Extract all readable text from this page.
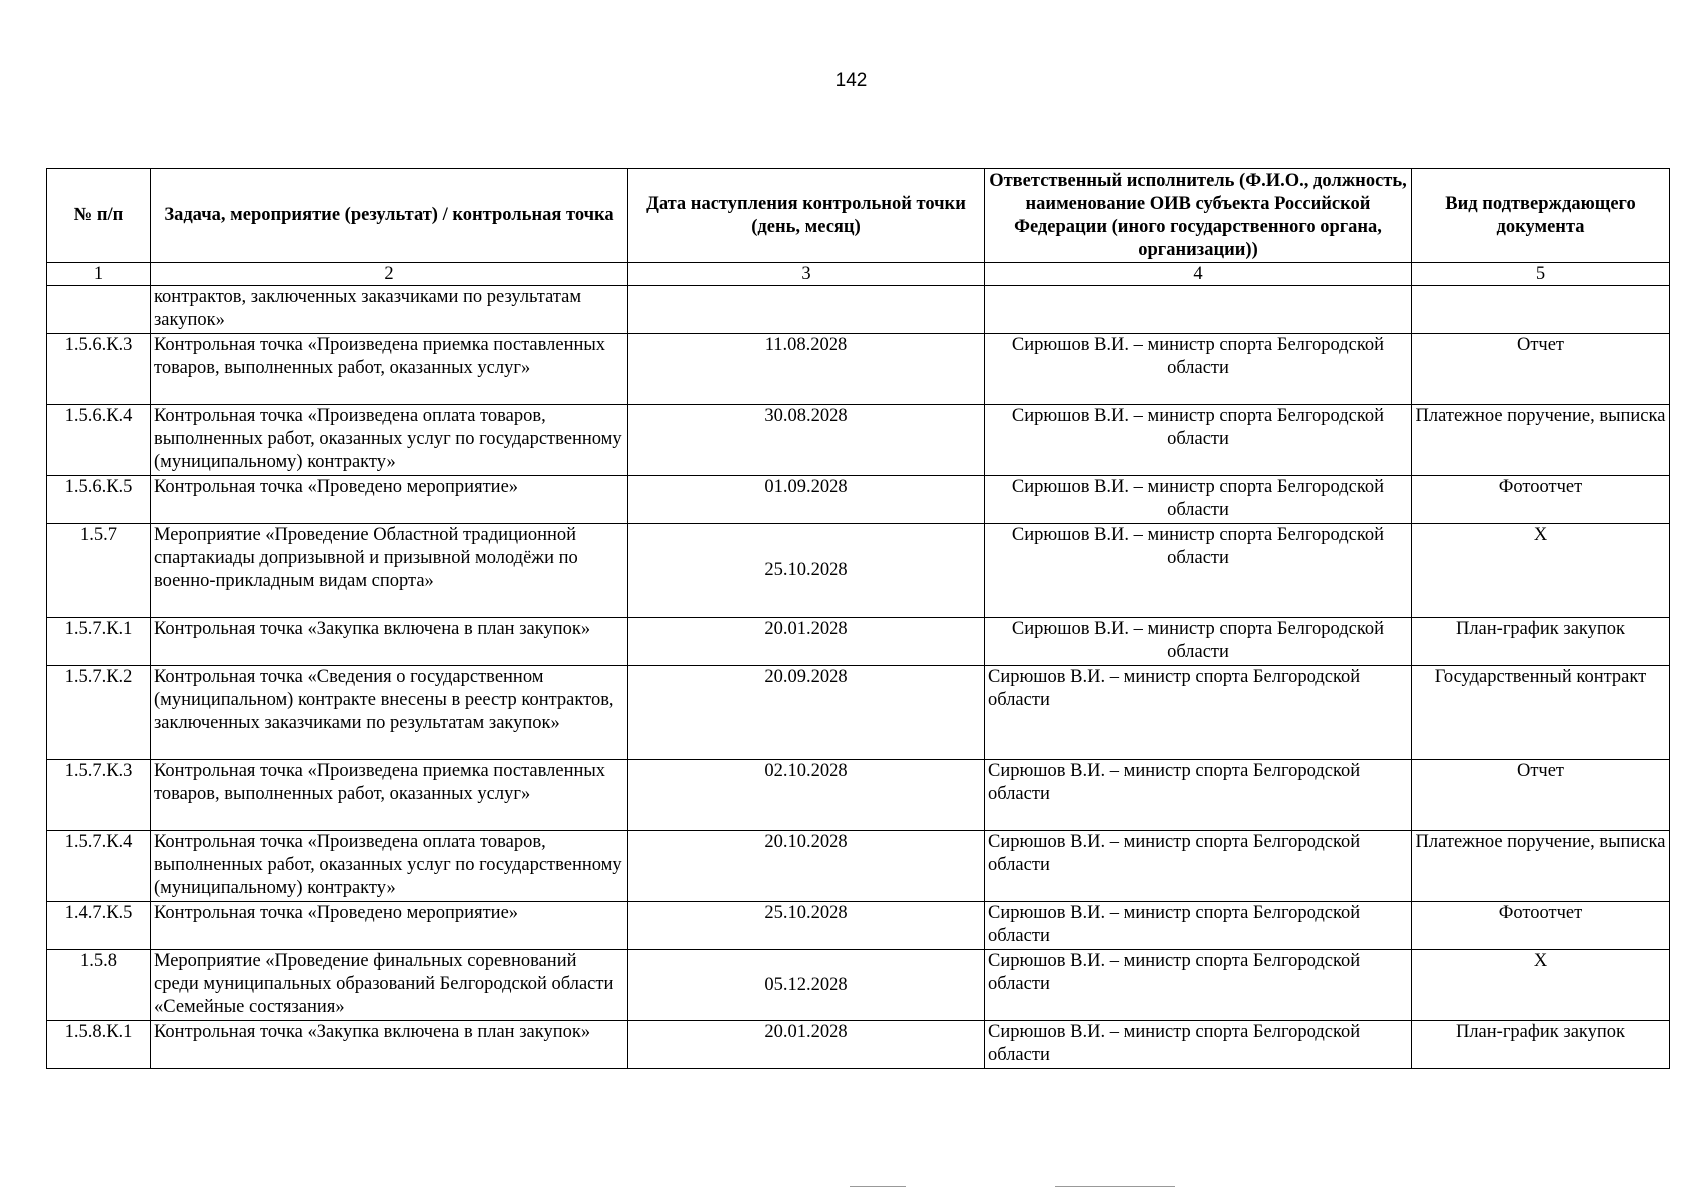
142
№ п/п	Задача, мероприятие (результат) / контрольная точка	Дата наступления контрольной точки (день, месяц)	Ответственный исполнитель (Ф.И.О., должность, наименование ОИВ субъекта Российской Федерации (иного государственного органа, организации))	Вид подтверждающего документа
1	2	3	4	5
	контрактов, заключенных заказчиками по результатам закупок»			
1.5.6.К.3	Контрольная точка «Произведена приемка поставленных товаров, выполненных работ, оказанных услуг»	11.08.2028	Сирюшов В.И. – министр спорта Белгородской области	Отчет
1.5.6.К.4	Контрольная точка «Произведена оплата товаров, выполненных работ, оказанных услуг по государственному (муниципальному) контракту»	30.08.2028	Сирюшов В.И. – министр спорта Белгородской области	Платежное поручение, выписка
1.5.6.К.5	Контрольная точка «Проведено мероприятие»	01.09.2028	Сирюшов В.И. – министр спорта Белгородской области	Фотоотчет
1.5.7	Мероприятие «Проведение Областной традиционной спартакиады допризывной и призывной молодёжи по военно-прикладным видам спорта»	25.10.2028	Сирюшов В.И. – министр спорта Белгородской области	Х
1.5.7.К.1	Контрольная точка «Закупка включена в план закупок»	20.01.2028	Сирюшов В.И. – министр спорта Белгородской области	План-график закупок
1.5.7.К.2	Контрольная точка «Сведения о государственном (муниципальном) контракте внесены в реестр контрактов, заключенных заказчиками по результатам закупок»	20.09.2028	Сирюшов В.И. – министр спорта Белгородской области	Государственный контракт
1.5.7.К.3	Контрольная точка «Произведена приемка поставленных товаров, выполненных работ, оказанных услуг»	02.10.2028	Сирюшов В.И. – министр спорта Белгородской области	Отчет
1.5.7.К.4	Контрольная точка «Произведена оплата товаров, выполненных работ, оказанных услуг по государственному (муниципальному) контракту»	20.10.2028	Сирюшов В.И. – министр спорта Белгородской области	Платежное поручение, выписка
1.4.7.К.5	Контрольная точка «Проведено мероприятие»	25.10.2028	Сирюшов В.И. – министр спорта Белгородской области	Фотоотчет
1.5.8	Мероприятие «Проведение финальных соревнований среди муниципальных образований Белгородской области «Семейные состязания»	05.12.2028	Сирюшов В.И. – министр спорта Белгородской области	Х
1.5.8.К.1	Контрольная точка «Закупка включена в план закупок»	20.01.2028	Сирюшов В.И. – министр спорта Белгородской области	План-график закупок
